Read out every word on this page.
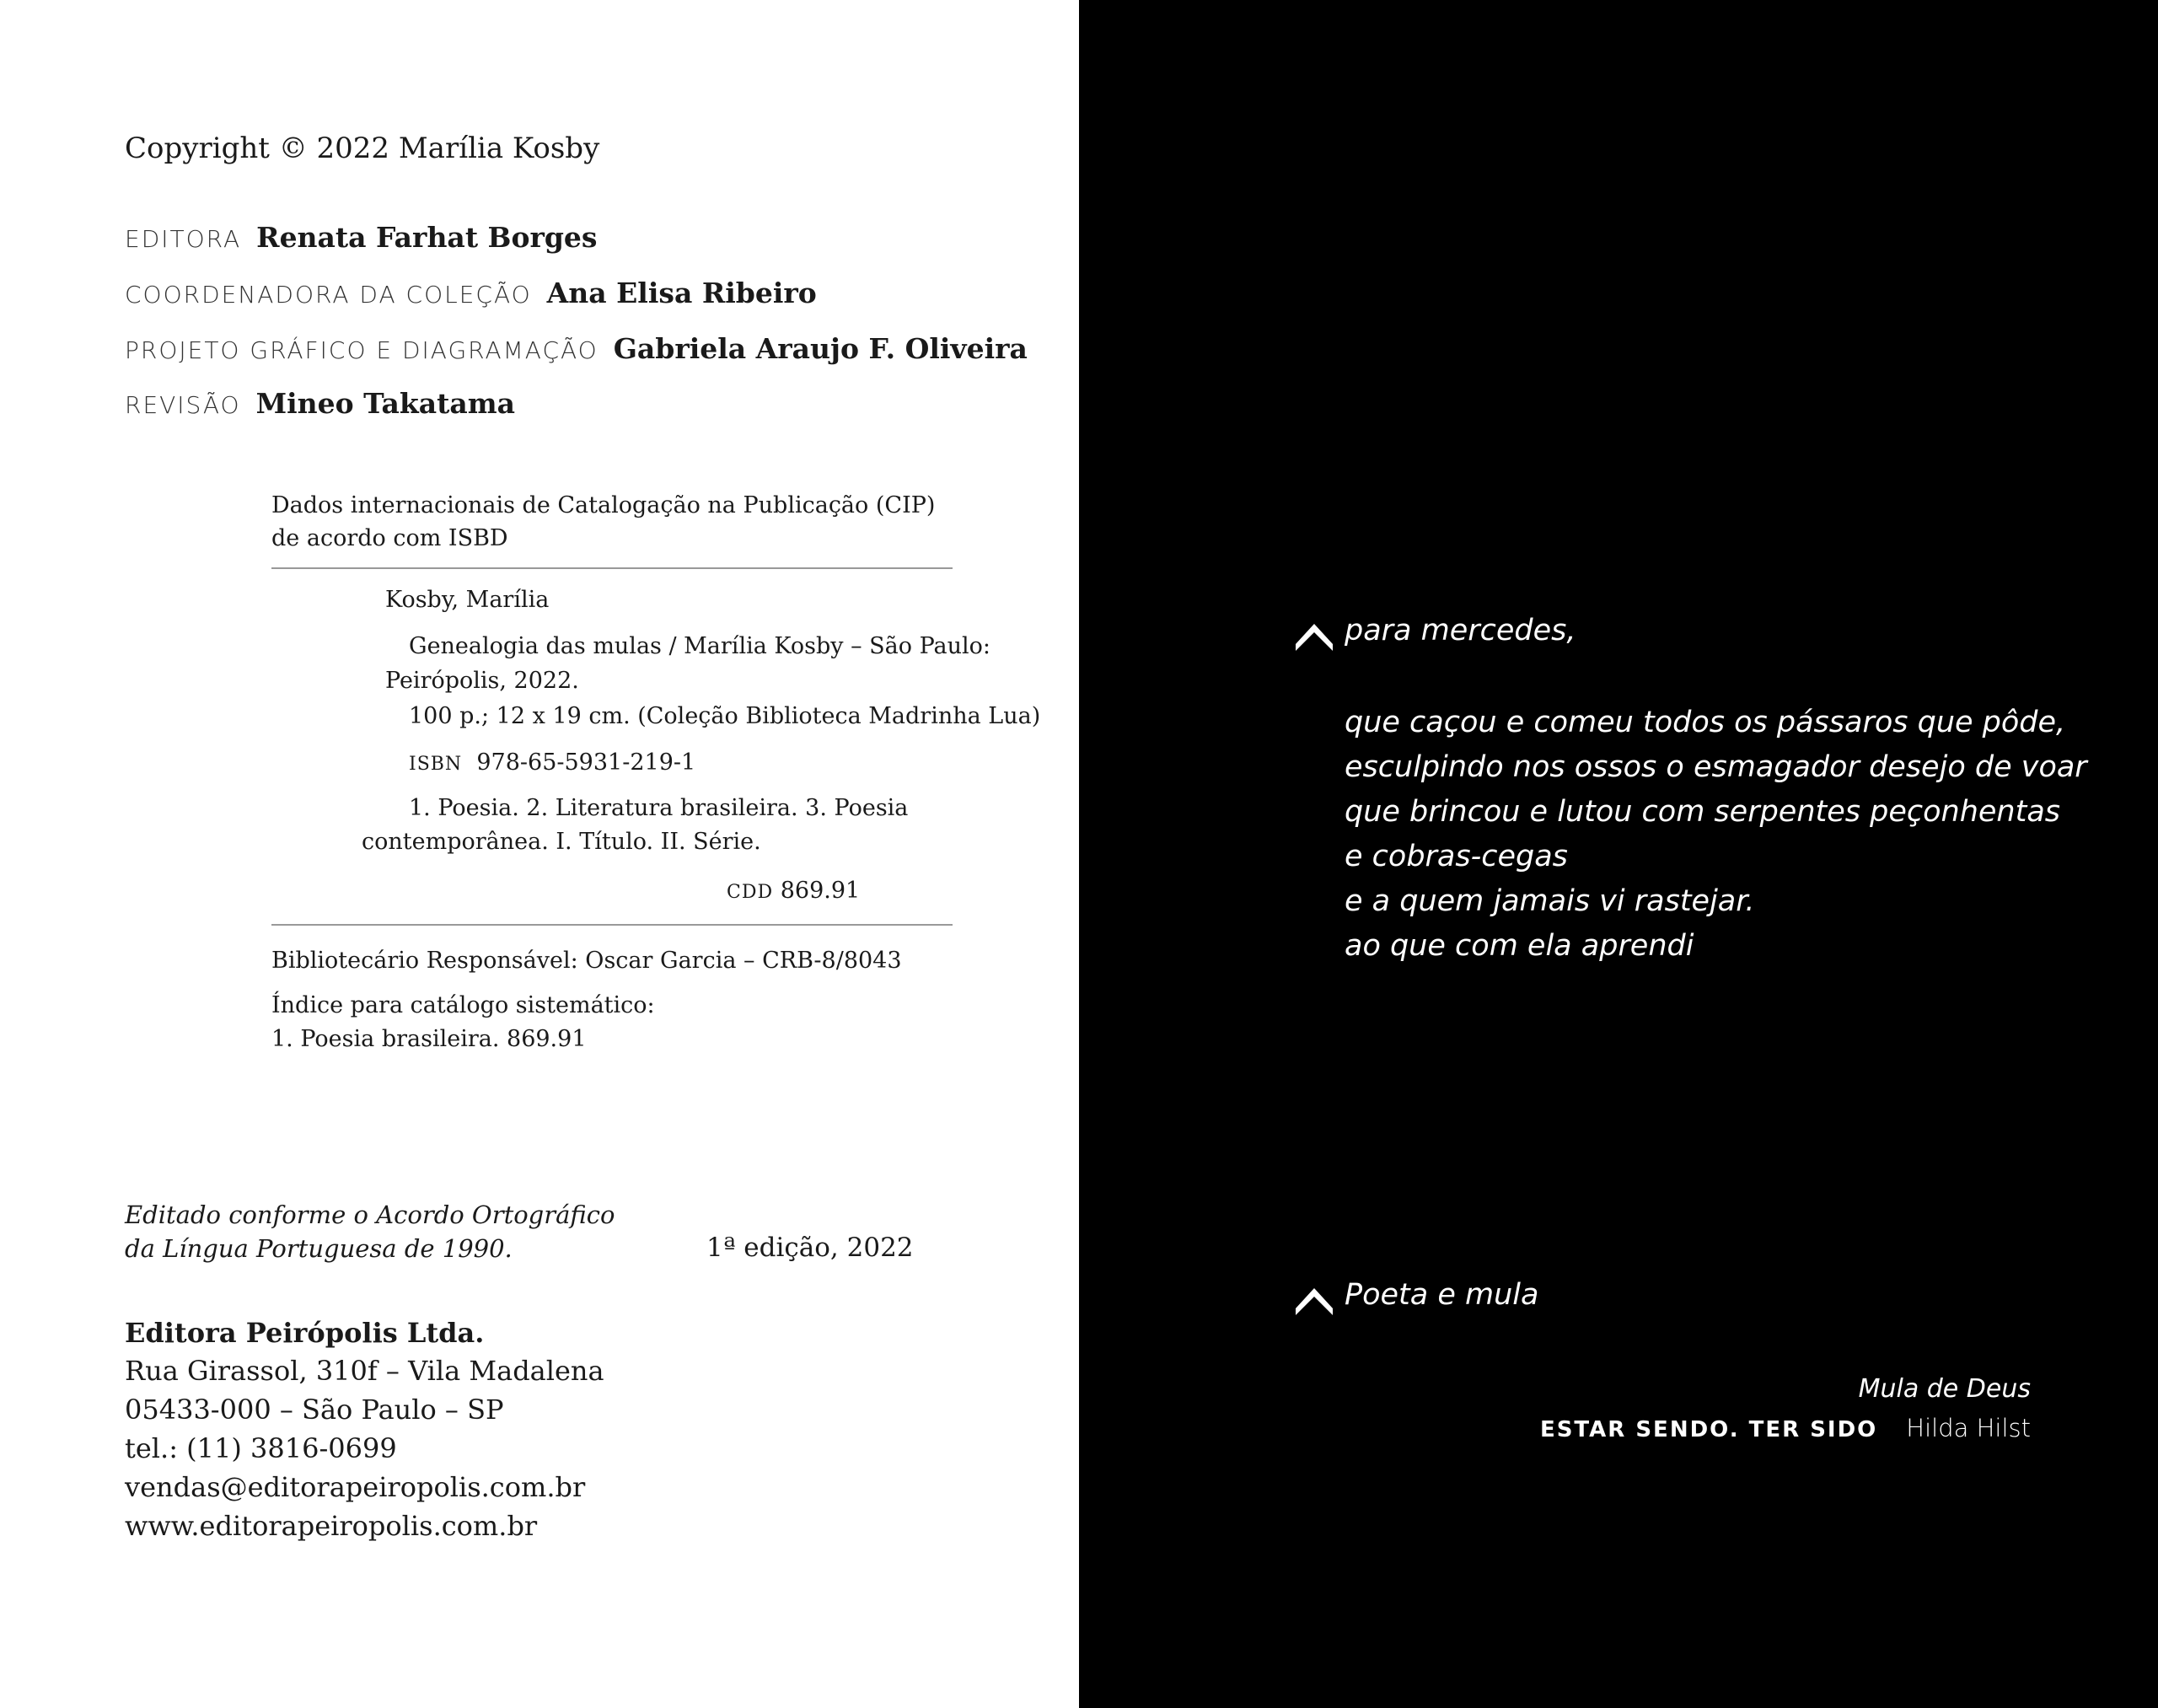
Copyright © 2022 Marília Kosby
EDITORA Renata Farhat Borges
COORDENADORA DA COLEÇÃO Ana Elisa Ribeiro
PROJETO GRÁFICO E DIAGRAMAÇÃO Gabriela Araujo F. Oliveira
REVISÃO Mineo Takatama
Dados internacionais de Catalogação na Publicação (CIP)
de acordo com ISBD
Kosby, Marília
Genealogia das mulas / Marília Kosby – São Paulo:
Peirópolis, 2022.
100 p.; 12 x 19 cm. (Coleção Biblioteca Madrinha Lua)
ISBN 978-65-5931-219-1
1. Poesia. 2. Literatura brasileira. 3. Poesia
contemporânea. I. Título. II. Série.
CDD 869.91
Bibliotecário Responsável: Oscar Garcia – CRB-8/8043
Índice para catálogo sistemático:
1. Poesia brasileira. 869.91
Editado conforme o Acordo Ortográfico
da Língua Portuguesa de 1990.	1ª edição, 2022
Editora Peirópolis Ltda.
Rua Girassol, 310f – Vila Madalena
05433-000 – São Paulo – SP
tel.: (11) 3816-0699
vendas@editorapeiropolis.com.br
www.editorapeiropolis.com.br
para mercedes,
que caçou e comeu todos os pássaros que pôde,
esculpindo nos ossos o esmagador desejo de voar
que brincou e lutou com serpentes peçonhentas
e cobras-cegas
e a quem jamais vi rastejar.
ao que com ela aprendi
Poeta e mula
Mula de Deus
ESTAR SENDO. TER SIDO Hilda Hilst
